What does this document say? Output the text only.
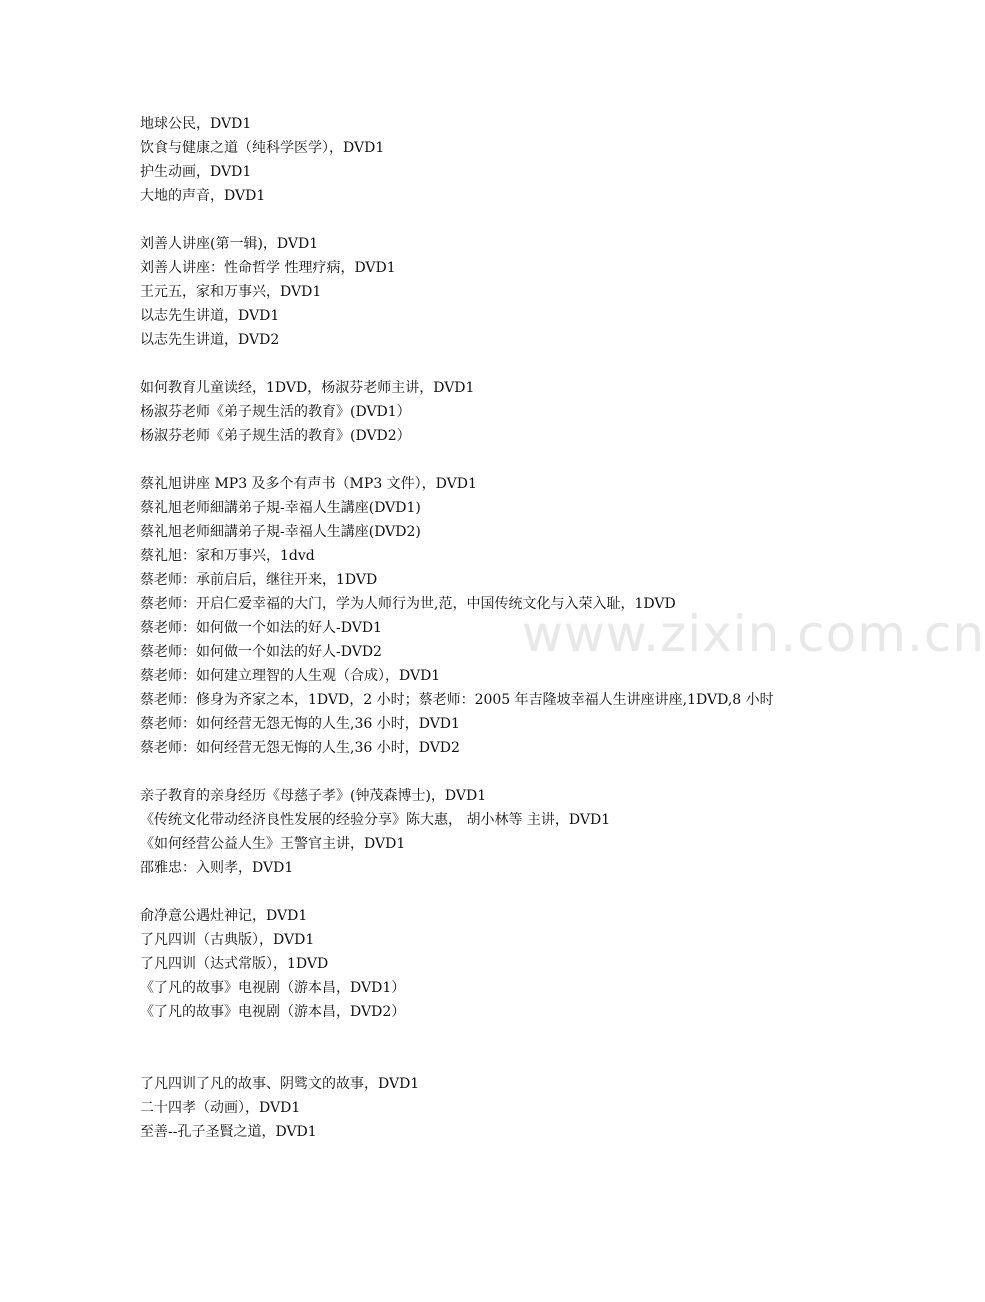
地球公民，DVD1
饮食与健康之道（纯科学医学），DVD1
护生动画，DVD1
大地的声音，DVD1
刘善人讲座(第一辑)，DVD1
刘善人讲座：性命哲学 性理疗病，DVD1
王元五，家和万事兴，DVD1
以志先生讲道，DVD1
以志先生讲道，DVD2
如何教育儿童读经，1DVD，杨淑芬老师主讲，DVD1
杨淑芬老师《弟子规生活的教育》(DVD1）
杨淑芬老师《弟子规生活的教育》(DVD2）
蔡礼旭讲座 MP3 及多个有声书（MP3 文件），DVD1
蔡礼旭老师細講弟子規-幸福人生講座(DVD1)
蔡礼旭老师細講弟子規-幸福人生講座(DVD2)
蔡礼旭：家和万事兴，1dvd
蔡老师：承前启后，继往开来，1DVD
蔡老师：开启仁爱幸福的大门，学为人师行为世,范，中国传统文化与入荣入耻，1DVD
蔡老师：如何做一个如法的好人-DVD1
蔡老师：如何做一个如法的好人-DVD2
蔡老师：如何建立理智的人生观（合成），DVD1
蔡老师：修身为齐家之本，1DVD，2 小时；蔡老师：2005 年吉隆坡幸福人生讲座讲座,1DVD,8 小时
蔡老师：如何经营无怨无悔的人生,36 小时，DVD1
蔡老师：如何经营无怨无悔的人生,36 小时，DVD2
亲子教育的亲身经历《母慈子孝》(钟茂森博士)，DVD1
《传统文化带动经济良性发展的经验分享》陈大惠， 胡小林等 主讲，DVD1
《如何经营公益人生》王警官主讲，DVD1
邵雅忠：入则孝，DVD1
俞净意公遇灶神记，DVD1
了凡四训（古典版），DVD1
了凡四训（达式常版），1DVD
《了凡的故事》电视剧（游本昌，DVD1）
《了凡的故事》电视剧（游本昌，DVD2）
了凡四训了凡的故事、阴骘文的故事，DVD1
二十四孝（动画），DVD1
至善--孔子圣賢之道，DVD1
www.zixin.com.cn
